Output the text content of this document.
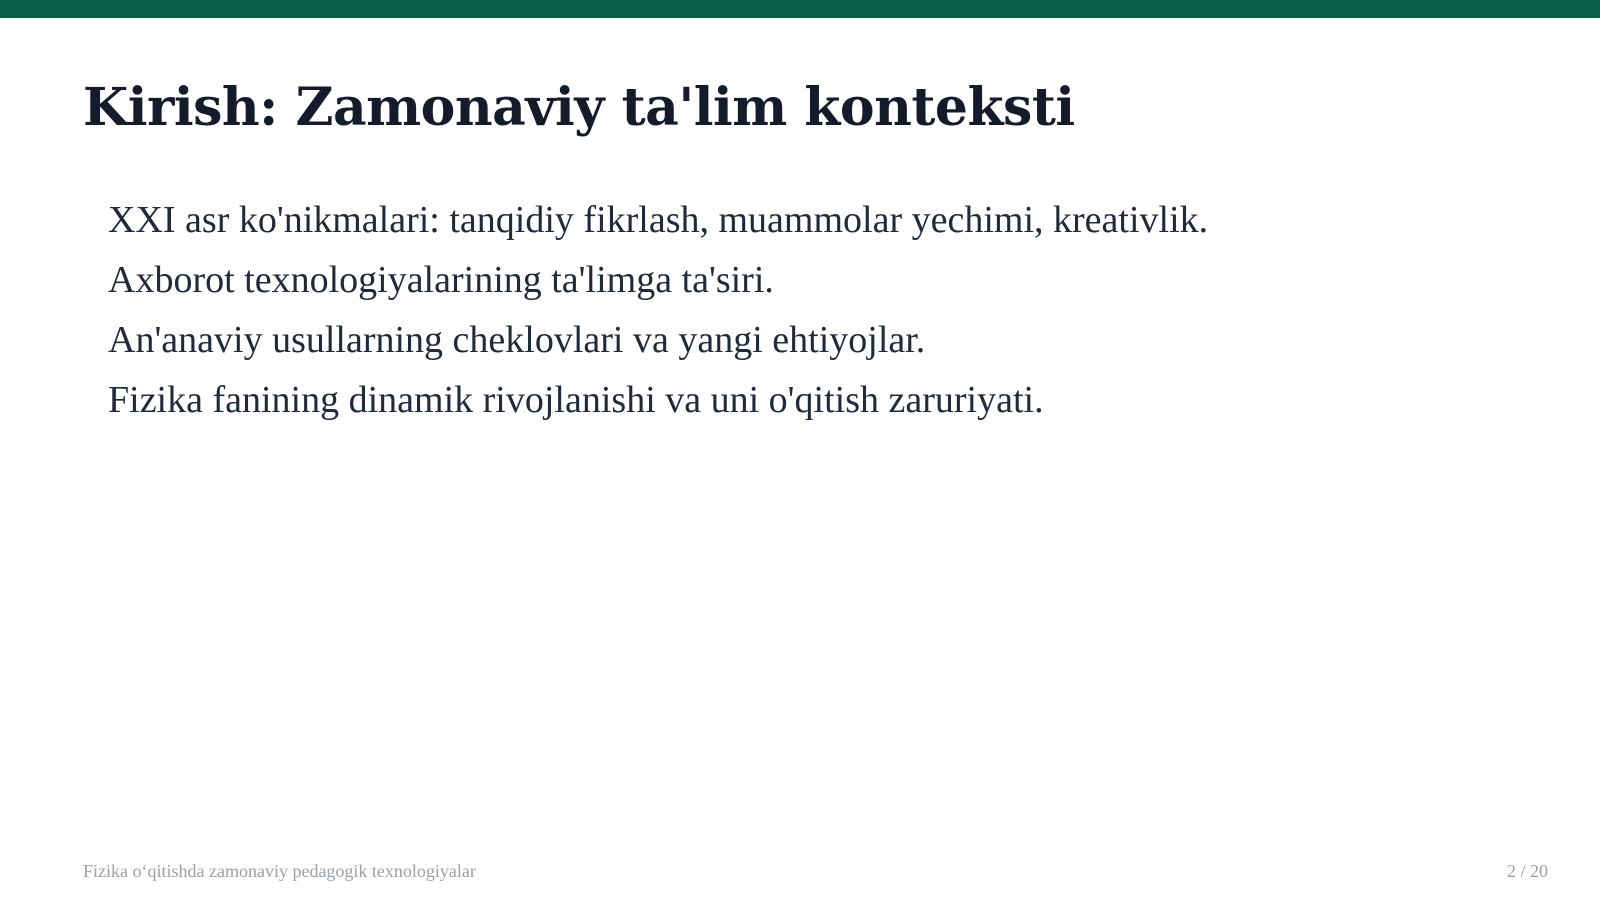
Kirish: Zamonaviy ta'lim konteksti
XXI asr ko'nikmalari: tanqidiy fikrlash, muammolar yechimi, kreativlik.
Axborot texnologiyalarining ta'limga ta'siri.
An'anaviy usullarning cheklovlari va yangi ehtiyojlar.
Fizika fanining dinamik rivojlanishi va uni o'qitish zaruriyati.
Fizika o‘qitishda zamonaviy pedagogik texnologiyalar	2 / 20
